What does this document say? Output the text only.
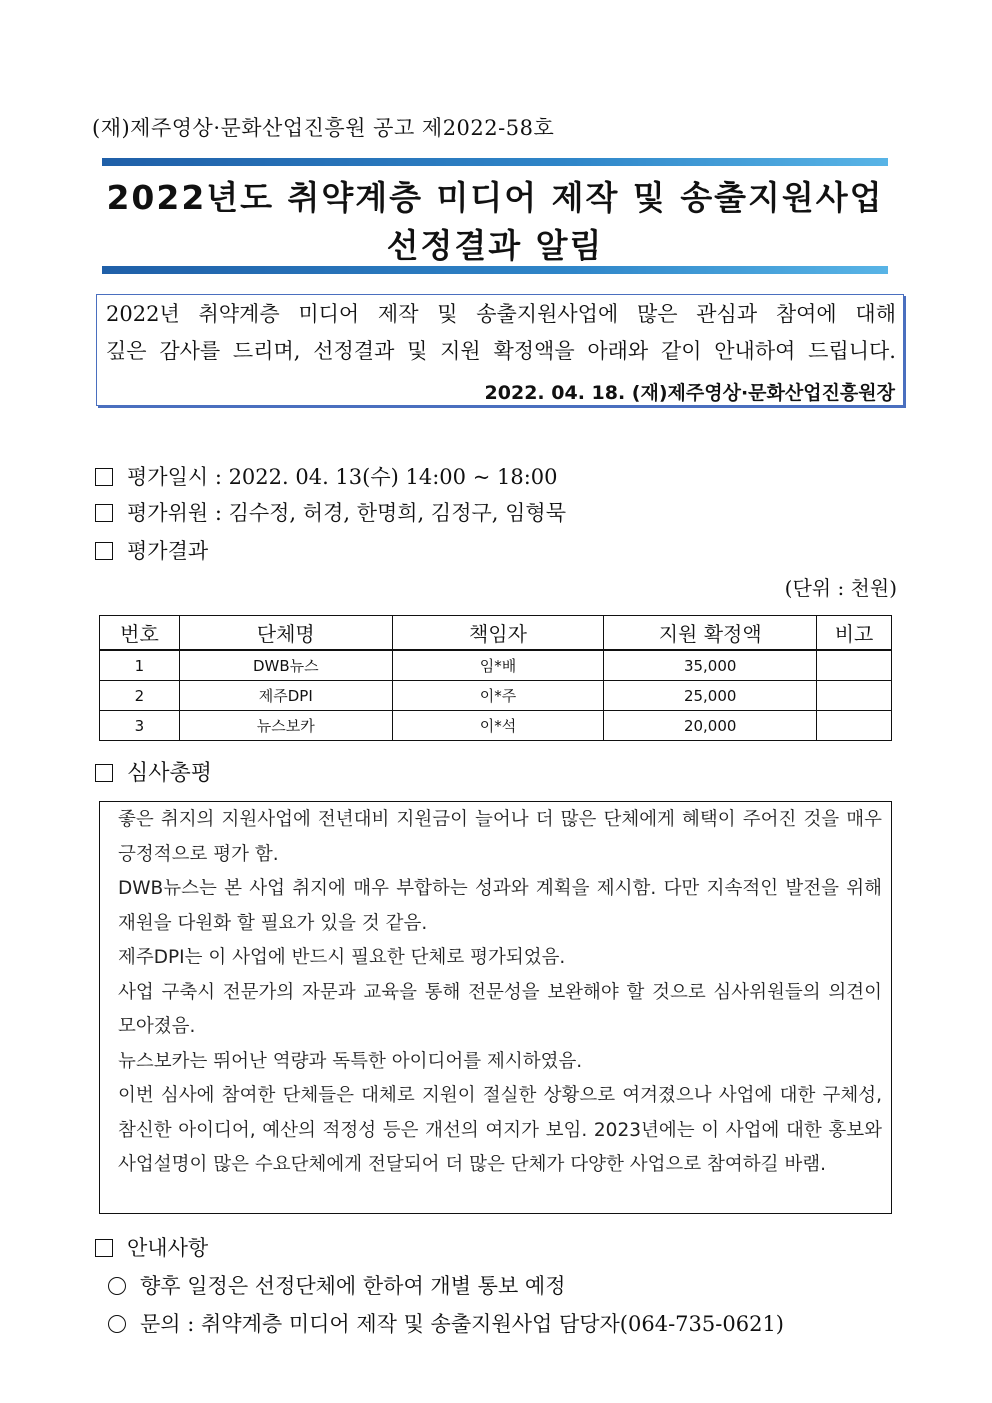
(재)제주영상·문화산업진흥원 공고 제2022-58호
2022년도 취약계층 미디어 제작 및 송출지원사업
선정결과 알림
2022년 취약계층 미디어 제작 및 송출지원사업에 많은 관심과 참여에 대해
깊은 감사를 드리며, 선정결과 및 지원 확정액을 아래와 같이 안내하여 드립니다.
2022. 04. 18. (재)제주영상·문화산업진흥원장
평가일시 : 2022. 04. 13(수) 14:00 ~ 18:00
평가위원 : 김수정, 허경, 한명희, 김정구, 임형묵
평가결과
(단위 : 천원)
번호	단체명	책임자	지원 확정액	비고
1	DWB뉴스	임*배	35,000	
2	제주DPI	이*주	25,000	
3	뉴스보카	이*석	20,000	
심사총평

좋은 취지의 지원사업에 전년대비 지원금이 늘어나 더 많은 단체에게 혜택이 주어진 것을 매우 긍정적으로 평가 함.

DWB뉴스는 본 사업 취지에 매우 부합하는 성과와 계획을 제시함. 다만 지속적인 발전을 위해 재원을 다원화 할 필요가 있을 것 같음.

제주DPI는 이 사업에 반드시 필요한 단체로 평가되었음.

사업 구축시 전문가의 자문과 교육을 통해 전문성을 보완해야 할 것으로 심사위원들의 의견이 모아졌음.

뉴스보카는 뛰어난 역량과 독특한 아이디어를 제시하였음.

이번 심사에 참여한 단체들은 대체로 지원이 절실한 상황으로 여겨졌으나 사업에 대한 구체성, 참신한 아이디어, 예산의 적정성 등은 개선의 여지가 보임. 2023년에는 이 사업에 대한 홍보와 사업설명이 많은 수요단체에게 전달되어 더 많은 단체가 다양한 사업으로 참여하길 바램.

안내사항
향후 일정은 선정단체에 한하여 개별 통보 예정
문의 : 취약계층 미디어 제작 및 송출지원사업 담당자(064-735-0621)
